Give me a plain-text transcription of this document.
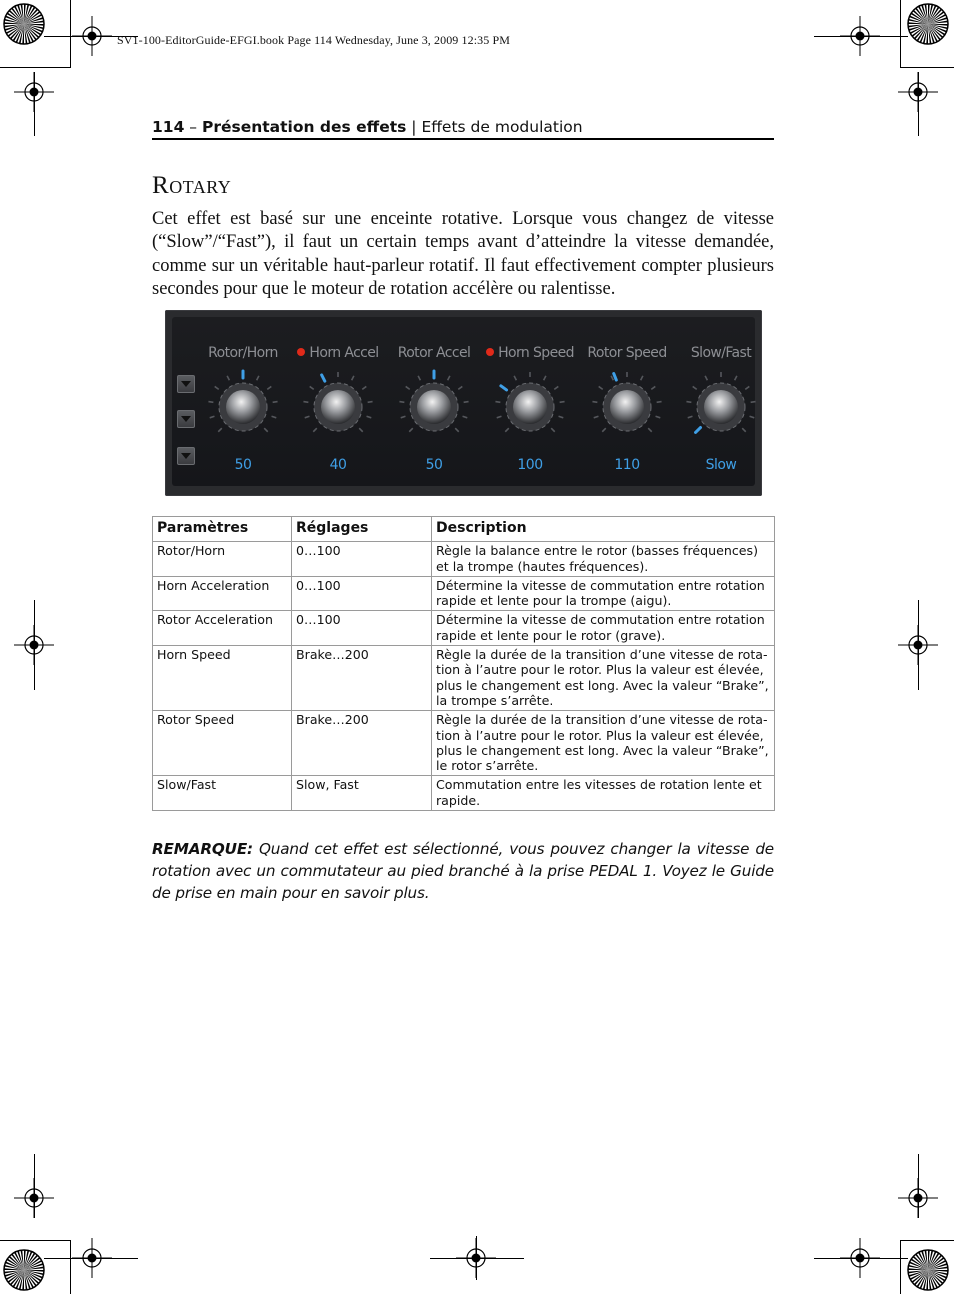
SV1-100-EditorGuide-EFGI.book Page 114 Wednesday, June 3, 2009 12:35 PM
114 – Présentation des effets | Effets de modulation
ROTARY
Cet effet est basé sur une enceinte rotative. Lorsque vous changez de vitesse (“Slow”/“Fast”), il faut un certain temps avant d’atteindre la vitesse demandée, comme sur un véritable haut-parleur rotatif. Il faut effectivement compter plusieurs secondes pour que le moteur de rotation accélère ou ralentisse.
Rotor/Horn
50
Horn Accel
40
Rotor Accel
50
Horn Speed
100
Rotor Speed
110
Slow/Fast
Slow
Paramètres	Réglages	Description
Rotor/Horn	0…100	Règle la balance entre le rotor (basses fréquences) et la trompe (hautes fréquences).
Horn Acceleration	0…100	Détermine la vitesse de commutation entre rotation rapide et lente pour la trompe (aigu).
Rotor Acceleration	0…100	Détermine la vitesse de commutation entre rotation rapide et lente pour le rotor (grave).
Horn Speed	Brake…200	Règle la durée de la transition d’une vitesse de rotation à l’autre pour le rotor. Plus la valeur est élevée, plus le changement est long. Avec la valeur “Brake”, la trompe s’arrête.
Rotor Speed	Brake…200	Règle la durée de la transition d’une vitesse de rotation à l’autre pour le rotor. Plus la valeur est élevée, plus le changement est long. Avec la valeur “Brake”, le rotor s’arrête.
Slow/Fast	Slow, Fast	Commutation entre les vitesses de rotation lente et rapide.
REMARQUE: Quand cet effet est sélectionné, vous pouvez changer la vitesse de rotation avec un commutateur au pied branché à la prise PEDAL 1. Voyez le Guide de prise en main pour en savoir plus.
